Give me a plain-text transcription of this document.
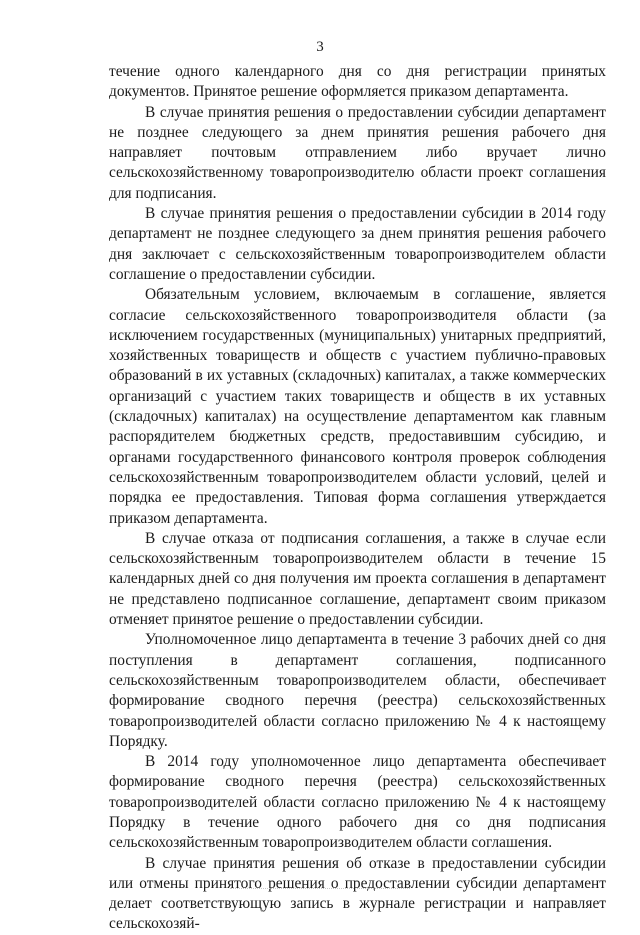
3

течение одного календарного дня со дня регистрации принятых документов. Принятое решение оформляется приказом департамента.

В случае принятия решения о предоставлении субсидии департамент не позднее следующего за днем принятия решения рабочего дня направляет почтовым отправлением либо вручает лично сельскохозяйственному товаропроизводителю области проект соглашения для подписания.

В случае принятия решения о предоставлении субсидии в 2014 году департамент не позднее следующего за днем принятия решения рабочего дня заключает с сельскохозяйственным товаропроизводителем области соглашение о предоставлении субсидии.

Обязательным условием, включаемым в соглашение, является согласие сельскохозяйственного товаропроизводителя области (за исключением государственных (муниципальных) унитарных предприятий, хозяйственных товариществ и обществ с участием публично-правовых образований в их уставных (складочных) капиталах, а также коммерческих организаций с участием таких товариществ и обществ в их уставных (складочных) капиталах) на осуществление департаментом как главным распорядителем бюджетных средств, предоставившим субсидию, и органами государственного финансового контроля проверок соблюдения сельскохозяйственным товаропроизводителем области условий, целей и порядка ее предоставления. Типовая форма соглашения утверждается приказом департамента.

В случае отказа от подписания соглашения, а также в случае если сельскохозяйственным товаропроизводителем области в течение 15 календарных дней со дня получения им проекта соглашения в департамент не представлено подписанное соглашение, департамент своим приказом отменяет принятое решение о предоставлении субсидии.

Уполномоченное лицо департамента в течение 3 рабочих дней со дня поступления в департамент соглашения, подписанного сельскохозяйственным товаропроизводителем области, обеспечивает формирование сводного перечня (реестра) сельскохозяйственных товаропроизводителей области согласно приложению № 4 к настоящему Порядку.

В 2014 году уполномоченное лицо департамента обеспечивает формирование сводного перечня (реестра) сельскохозяйственных товаропроизводителей области согласно приложению № 4 к настоящему Порядку в течение одного рабочего дня со дня подписания сельскохозяйственным товаропроизводителем области соглашения.

В случае принятия решения об отказе в предоставлении субсидии или отмены принятого решения о предоставлении субсидии департамент делает соответствующую запись в журнале регистрации и направляет сельскохозяй-
